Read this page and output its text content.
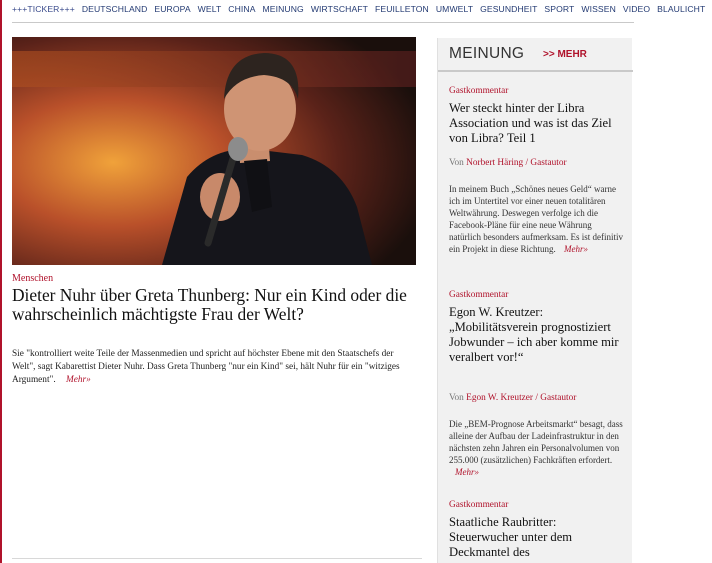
+++TICKER+++ DEUTSCHLAND EUROPA WELT CHINA MEINUNG WIRTSCHAFT FEUILLETON UMWELT GESUNDHEIT SPORT WISSEN VIDEO BLAULICHT
Menschen
Dieter Nuhr über Greta Thunberg: Nur ein Kind oder die wahrscheinlich mächtigste Frau der Welt?

Sie "kontrolliert weite Teile der Massenmedien und spricht auf höchster Ebene mit den Staatschefs der Welt", sagt Kabarettist Dieter Nuhr. Dass Greta Thunberg "nur ein Kind" sei, hält Nuhr für ein "witziges Argument". Mehr»

MEINUNG >> MEHR
Gastkommentar
Wer steckt hinter der Libra Association und was ist das Ziel von Libra? Teil 1
Von Norbert Häring / Gastautor
In meinem Buch „Schönes neues Geld“ warne ich im Untertitel vor einer neuen totalitären Weltwährung. Deswegen verfolge ich die Facebook-Pläne für eine neue Währung natürlich besonders aufmerksam. Es ist definitiv ein Projekt in diese Richtung. Mehr»
Gastkommentar
Egon W. Kreutzer: „Mobilitätsverein prognostiziert Jobwunder – ich aber komme mir veralbert vor!“
Von Egon W. Kreutzer / Gastautor
Die „BEM-Prognose Arbeitsmarkt“ besagt, dass alleine der Aufbau der Ladeinfrastruktur in den nächsten zehn Jahren ein Personalvolumen von 255.000 (zusätzlichen) Fachkräften erfordert. Mehr»
Gastkommentar
Staatliche Raubritter: Steuerwucher unter dem Deckmantel des
